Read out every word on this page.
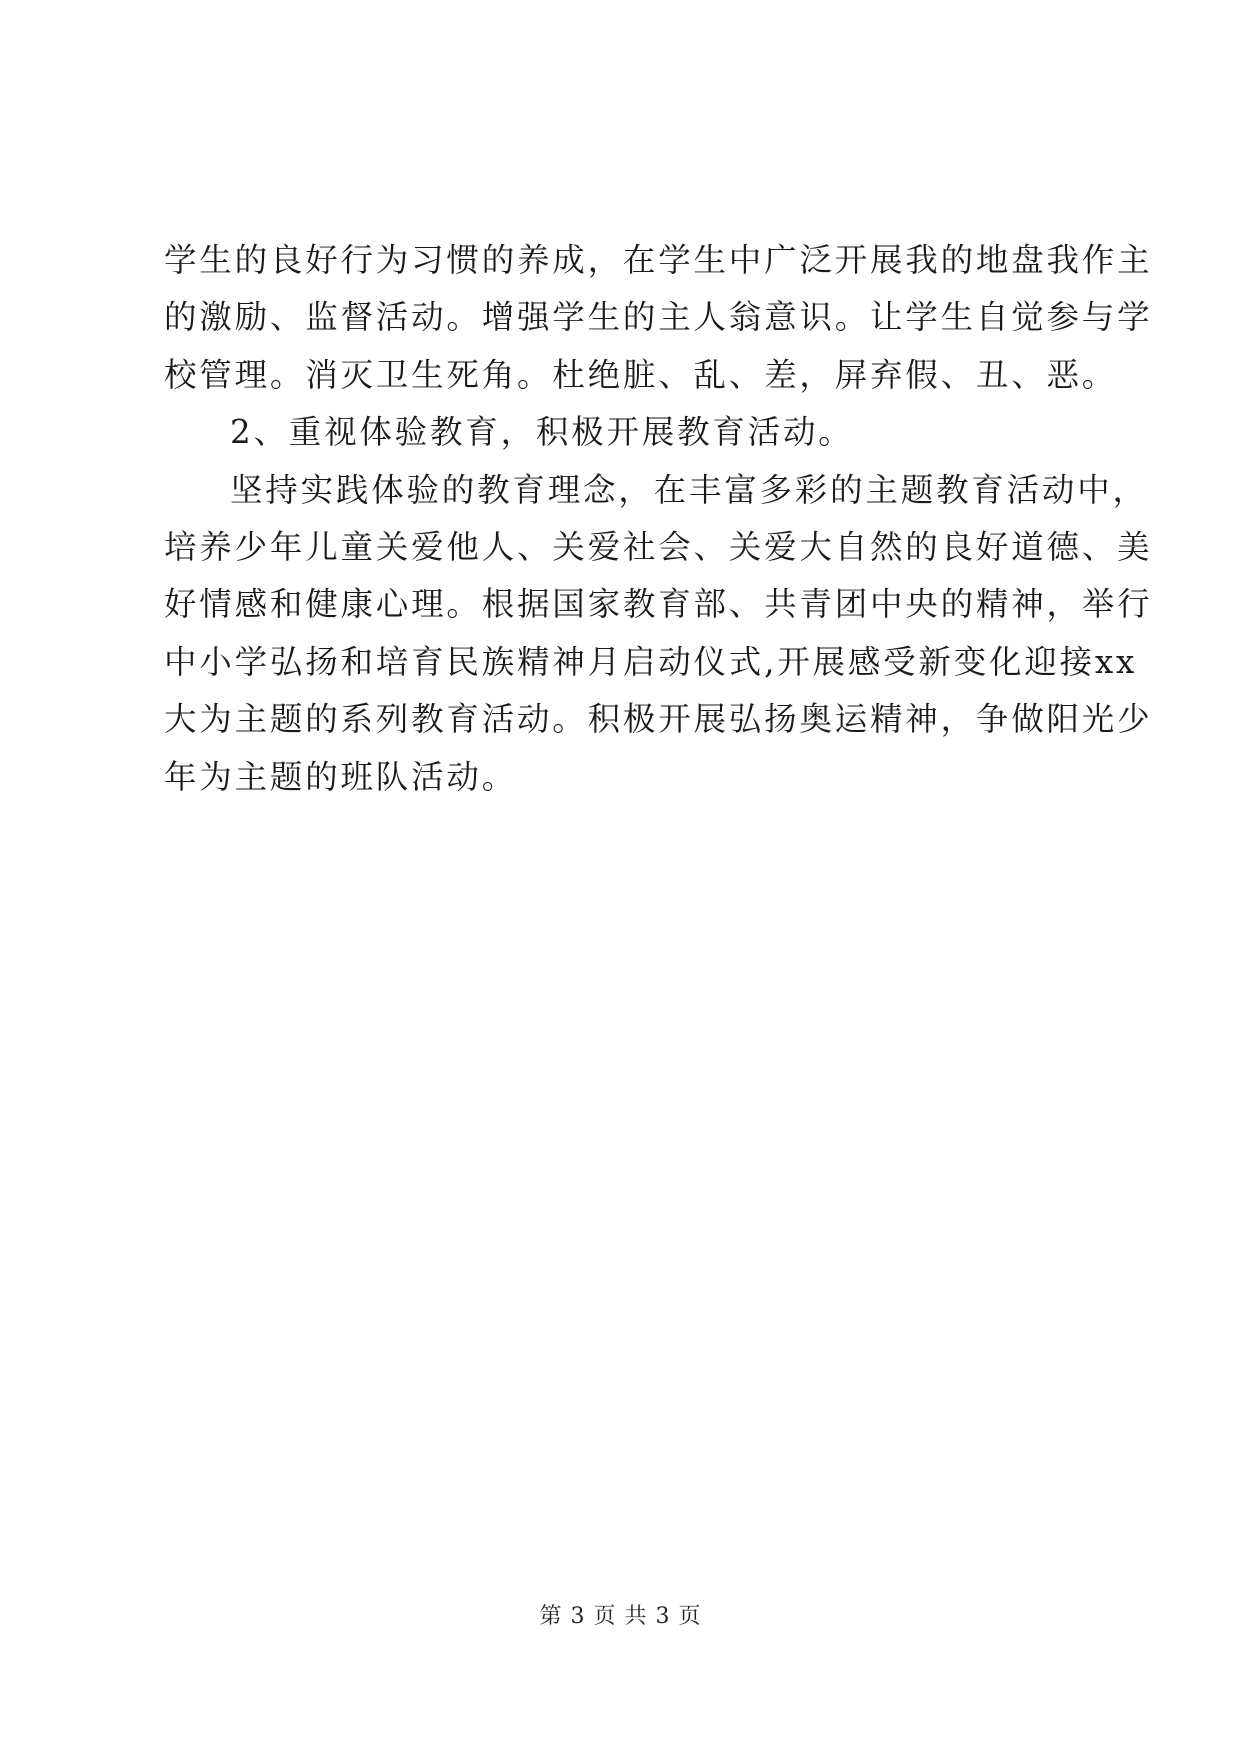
学生的良好行为习惯的养成，在学生中广泛开展我的地盘我作主
的激励、监督活动。增强学生的主人翁意识。让学生自觉参与学
校管理。消灭卫生死角。杜绝脏、乱、差，屏弃假、丑、恶。
2、重视体验教育，积极开展教育活动。
坚持实践体验的教育理念，在丰富多彩的主题教育活动中，
培养少年儿童关爱他人、关爱社会、关爱大自然的良好道德、美
好情感和健康心理。根据国家教育部、共青团中央的精神，举行
中小学弘扬和培育民族精神月启动仪式,开展感受新变化迎接xx
大为主题的系列教育活动。积极开展弘扬奥运精神，争做阳光少
年为主题的班队活动。
第 3 页 共 3 页
